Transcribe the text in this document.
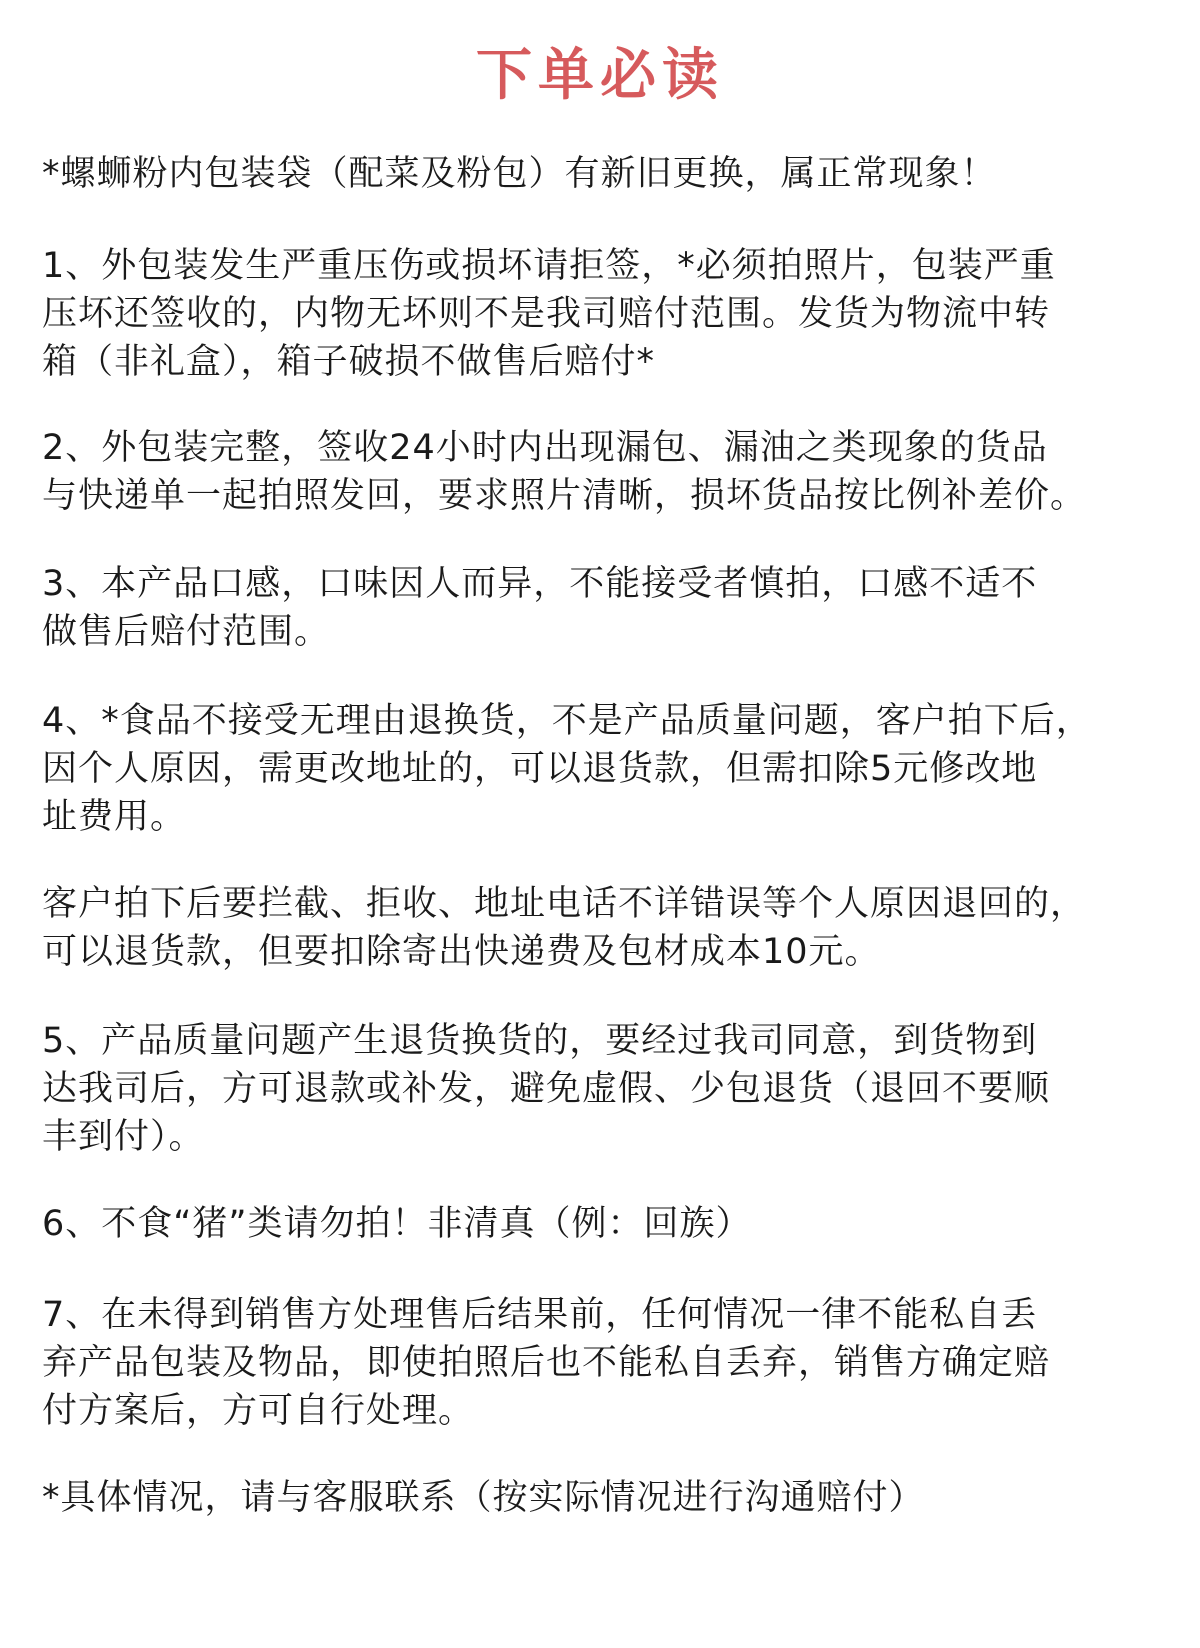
下单必读

*螺蛳粉内包装袋（配菜及粉包）有新旧更换，属正常现象！

1、外包装发生严重压伤或损坏请拒签，*必须拍照片，包装严重
压坏还签收的，内物无坏则不是我司赔付范围。发货为物流中转
箱（非礼盒），箱子破损不做售后赔付*

2、外包装完整，签收24小时内出现漏包、漏油之类现象的货品
与快递单一起拍照发回，要求照片清晰，损坏货品按比例补差价。

3、本产品口感，口味因人而异，不能接受者慎拍，口感不适不
做售后赔付范围。

4、*食品不接受无理由退换货，不是产品质量问题，客户拍下后，
因个人原因，需更改地址的，可以退货款，但需扣除5元修改地
址费用。

客户拍下后要拦截、拒收、地址电话不详错误等个人原因退回的，
可以退货款，但要扣除寄出快递费及包材成本10元。

5、产品质量问题产生退货换货的，要经过我司同意，到货物到
达我司后，方可退款或补发，避免虚假、少包退货（退回不要顺
丰到付）。

6、不食“猪”类请勿拍！非清真（例：回族）

7、在未得到销售方处理售后结果前，任何情况一律不能私自丢
弃产品包装及物品，即使拍照后也不能私自丢弃，销售方确定赔
付方案后，方可自行处理。

*具体情况，请与客服联系（按实际情况进行沟通赔付）
